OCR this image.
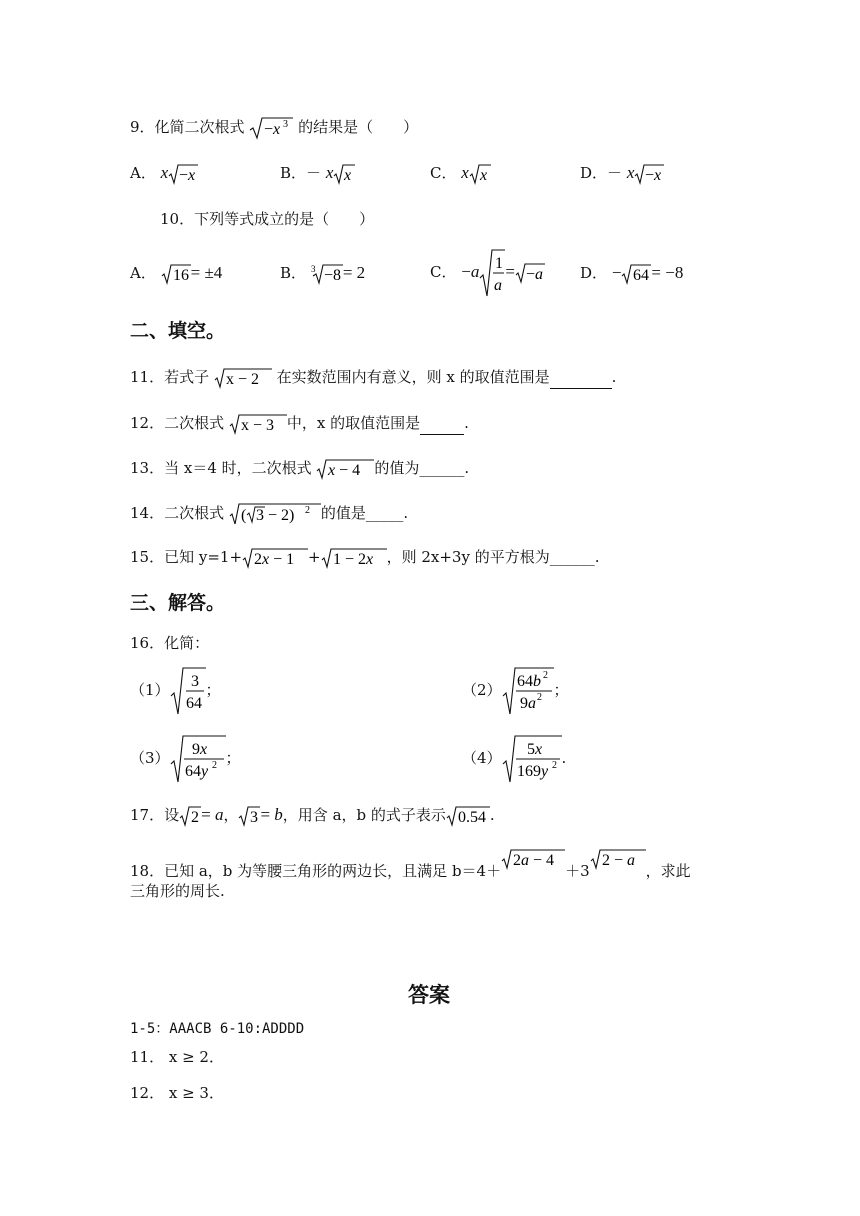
9．化简二次根式 −x 3 的结果是（　　）
A． x −x	B．－ x x	C． x x	D．－ x −x
10．下列等式成立的是（　　）
A． 16 = ±4	B． 3 −8 = 2	C． −a 1
a
= −a D． − 64 = −8
二、填空。
11．若式子 x − 2 在实数范围内有意义，则 x 的取值范围是	.
12．二次根式 x − 3 中，x 的取值范围是	.
13．当 x＝4 时，二次根式 x − 4 的值为______.
14．二次根式 ( 3 − 2) 2 的值是_____.
15．已知 y=1+ 2x − 1 + 1 − 2x ，则 2x+3y 的平方根为______.
三、解答。
16．化简：
（1） 3
64
；	（2） 64b 2
9a 2 ；
（3） 9x
64y 2 ；	（4） 5x
169y 2 .
17．设 2 = a， 3 = b，用含 a，b 的式子表示 0.54 .
18．已知 a，b 为等腰三角形的两边长，且满足 b＝4＋
2a − 4
＋3
2 − a
，求此
三角形的周长.
答案
1-5：AAACB 6-10:ADDDD
11． x ≥ 2．
12． x ≥ 3．
